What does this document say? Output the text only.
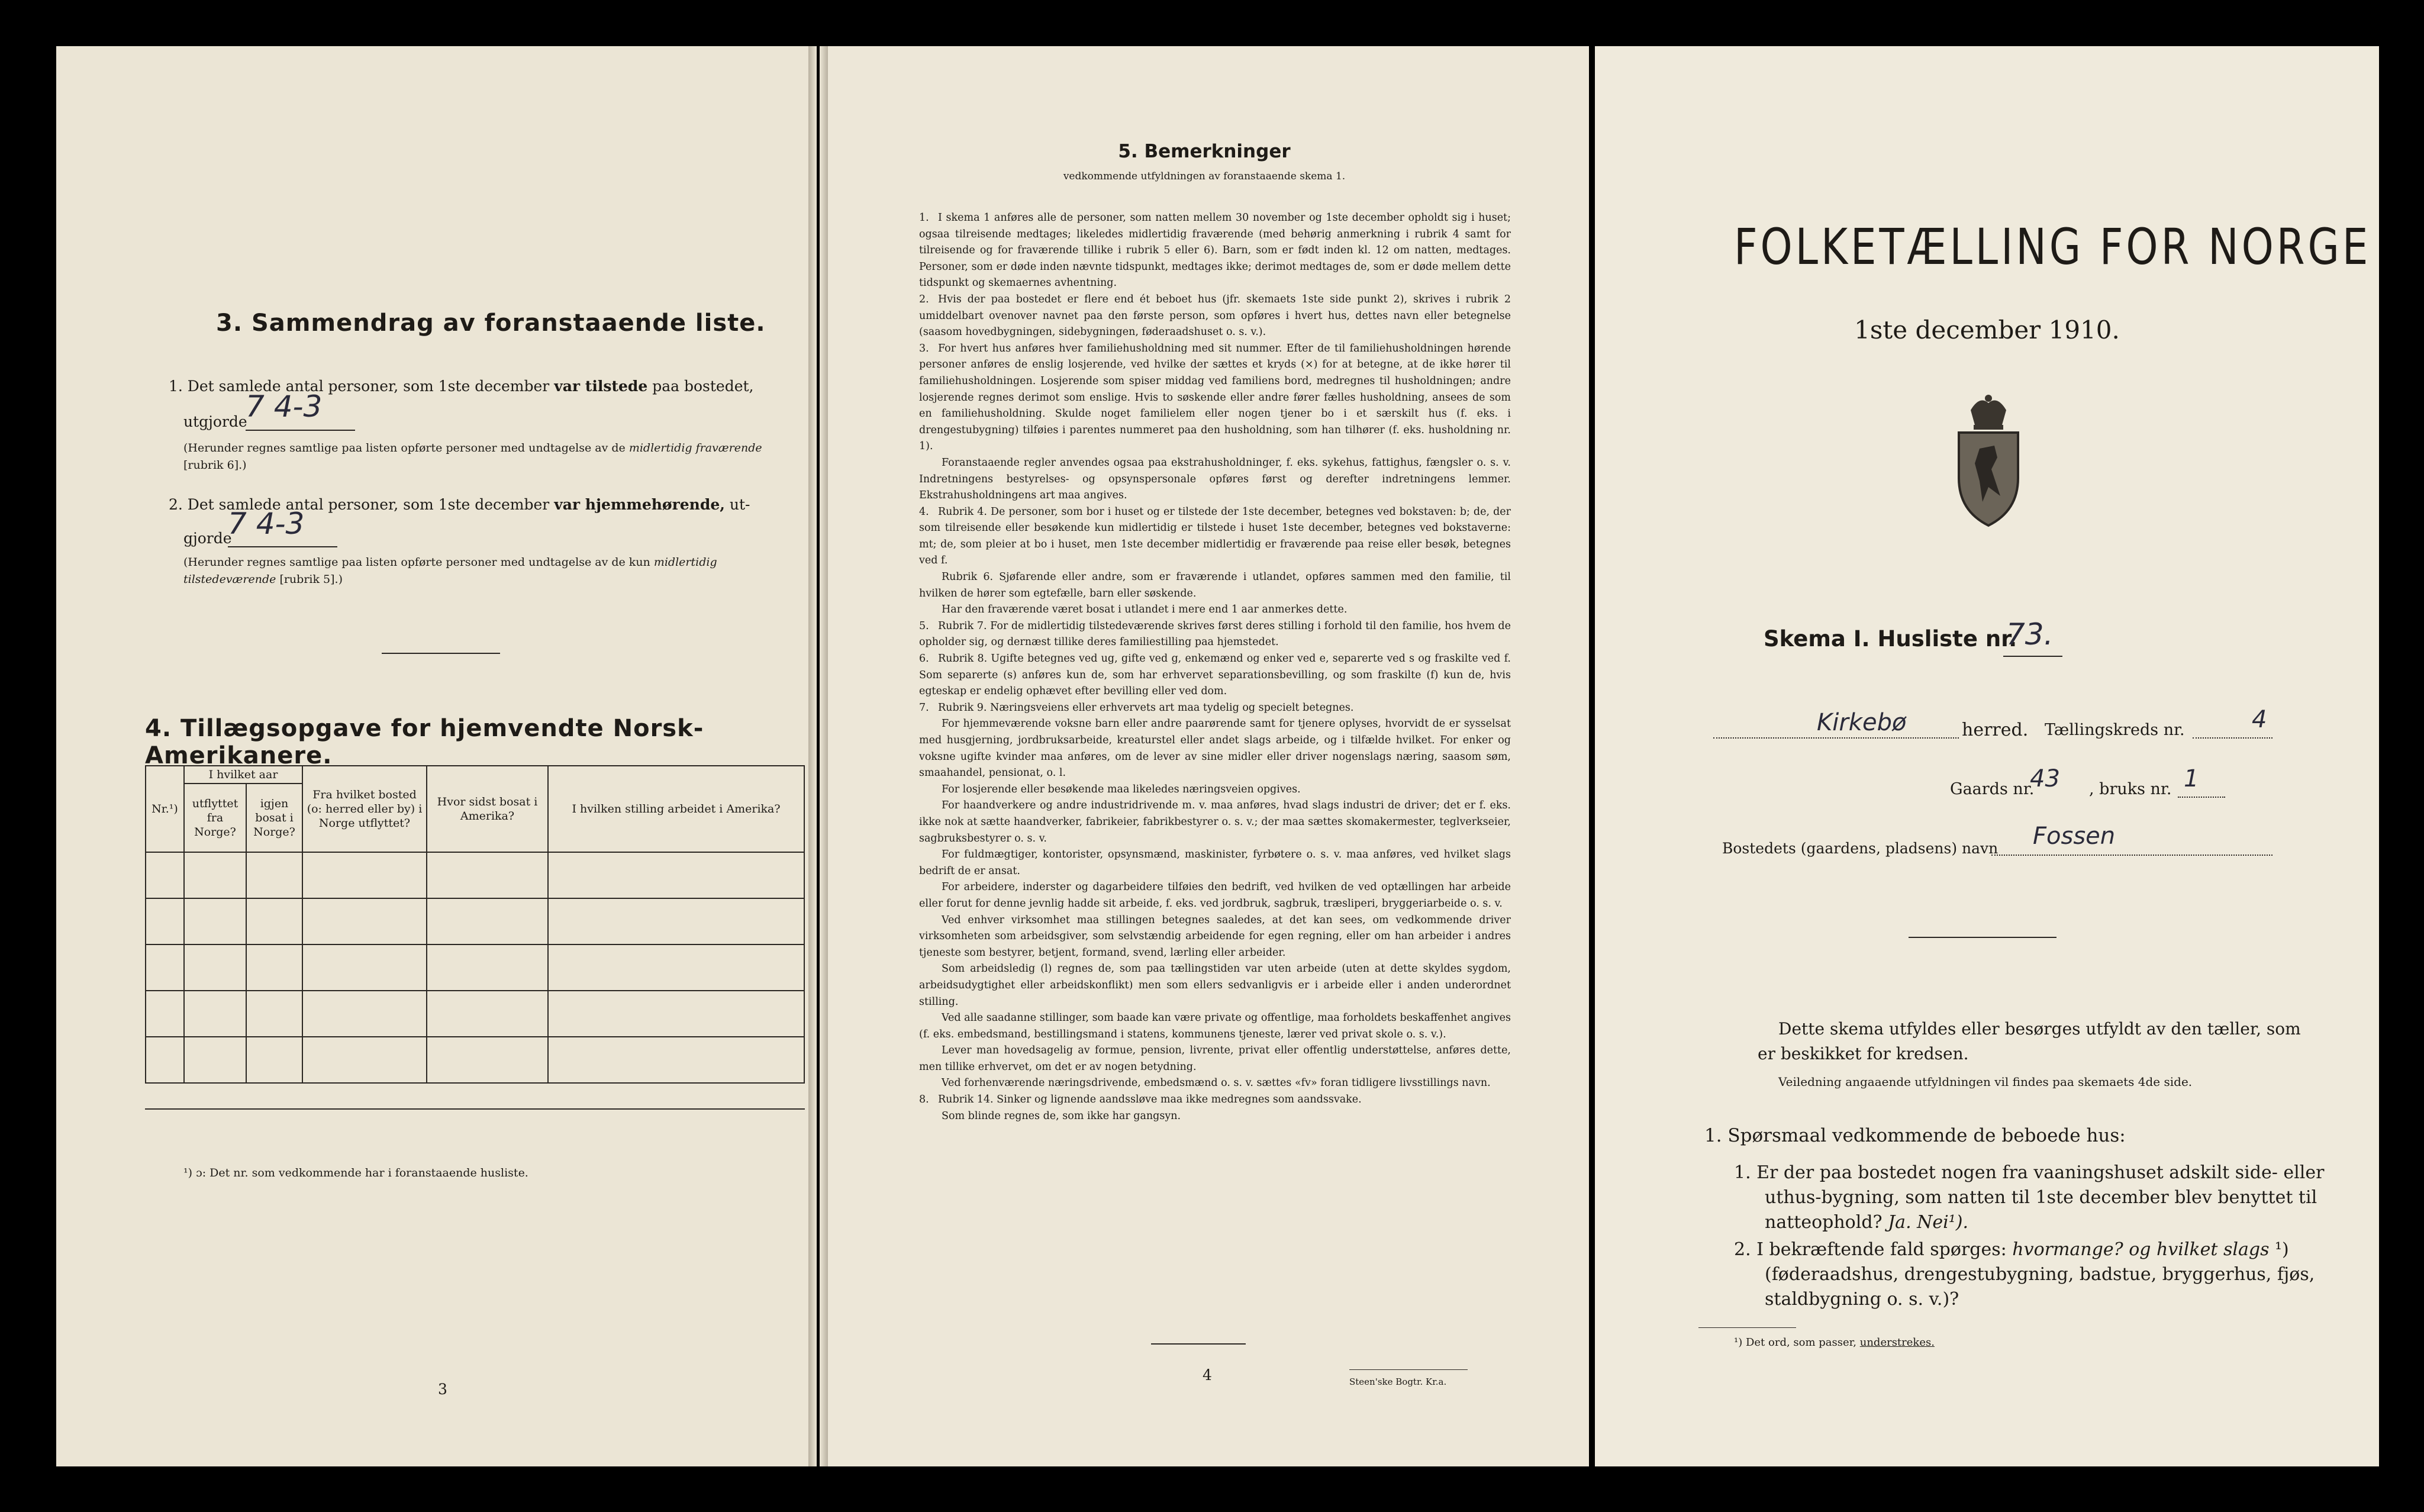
3. Sammendrag av foranstaaende liste.
1. Det samlede antal personer, som 1ste december var tilstede paa bostedet,
utgjorde
7 4-3
(Herunder regnes samtlige paa listen opførte personer med undtagelse av de midlertidig fraværende [rubrik 6].)
2. Det samlede antal personer, som 1ste december var hjemmehørende, ut-
gjorde
7 4-3
(Herunder regnes samtlige paa listen opførte personer med undtagelse av de kun midlertidig tilstedeværende [rubrik 5].)
4. Tillægsopgave for hjemvendte Norsk-Amerikanere.
Nr.¹)	I hvilket aar		Fra hvilket bosted (o: herred eller by) i Norge utflyttet?	Hvor sidst bosat i Amerika?	I hvilken stilling arbeidet i Amerika?
	utflyttet fra Norge?	igjen bosat i Norge?			

¹) ɔ: Det nr. som vedkommende har i foranstaaende husliste.
3
5. Bemerkninger
vedkommende utfyldningen av foranstaaende skema 1.

1. I skema 1 anføres alle de personer, som natten mellem 30 november og 1ste december opholdt sig i huset; ogsaa tilreisende medtages; likeledes midlertidig fraværende (med behørig anmerkning i rubrik 4 samt for tilreisende og for fraværende tillike i rubrik 5 eller 6). Barn, som er født inden kl. 12 om natten, medtages. Personer, som er døde inden nævnte tidspunkt, medtages ikke; derimot medtages de, som er døde mellem dette tidspunkt og skemaernes avhentning.

2. Hvis der paa bostedet er flere end ét beboet hus (jfr. skemaets 1ste side punkt 2), skrives i rubrik 2 umiddelbart ovenover navnet paa den første person, som opføres i hvert hus, dettes navn eller betegnelse (saasom hovedbygningen, sidebygningen, føderaadshuset o. s. v.).

3. For hvert hus anføres hver familiehusholdning med sit nummer. Efter de til familiehusholdningen hørende personer anføres de enslig losjerende, ved hvilke der sættes et kryds (×) for at betegne, at de ikke hører til familiehusholdningen. Losjerende som spiser middag ved familiens bord, medregnes til husholdningen; andre losjerende regnes derimot som enslige. Hvis to søskende eller andre fører fælles husholdning, ansees de som en familiehusholdning. Skulde noget familielem eller nogen tjener bo i et særskilt hus (f. eks. i drengestubygning) tilføies i parentes nummeret paa den husholdning, som han tilhører (f. eks. husholdning nr. 1).

Foranstaaende regler anvendes ogsaa paa ekstrahusholdninger, f. eks. sykehus, fattighus, fængsler o. s. v. Indretningens bestyrelses- og opsynspersonale opføres først og derefter indretningens lemmer. Ekstrahusholdningens art maa angives.

4. Rubrik 4. De personer, som bor i huset og er tilstede der 1ste december, betegnes ved bokstaven: b; de, der som tilreisende eller besøkende kun midlertidig er tilstede i huset 1ste december, betegnes ved bokstaverne: mt; de, som pleier at bo i huset, men 1ste december midlertidig er fraværende paa reise eller besøk, betegnes ved f.

Rubrik 6. Sjøfarende eller andre, som er fraværende i utlandet, opføres sammen med den familie, til hvilken de hører som egtefælle, barn eller søskende.

Har den fraværende været bosat i utlandet i mere end 1 aar anmerkes dette.

5. Rubrik 7. For de midlertidig tilstedeværende skrives først deres stilling i forhold til den familie, hos hvem de opholder sig, og dernæst tillike deres familiestilling paa hjemstedet.

6. Rubrik 8. Ugifte betegnes ved ug, gifte ved g, enkemænd og enker ved e, separerte ved s og fraskilte ved f. Som separerte (s) anføres kun de, som har erhvervet separationsbevilling, og som fraskilte (f) kun de, hvis egteskap er endelig ophævet efter bevilling eller ved dom.

7. Rubrik 9. Næringsveiens eller erhvervets art maa tydelig og specielt betegnes.

For hjemmeværende voksne barn eller andre paarørende samt for tjenere oplyses, hvorvidt de er sysselsat med husgjerning, jordbruksarbeide, kreaturstel eller andet slags arbeide, og i tilfælde hvilket. For enker og voksne ugifte kvinder maa anføres, om de lever av sine midler eller driver nogenslags næring, saasom søm, smaahandel, pensionat, o. l.

For losjerende eller besøkende maa likeledes næringsveien opgives.

For haandverkere og andre industridrivende m. v. maa anføres, hvad slags industri de driver; det er f. eks. ikke nok at sætte haandverker, fabrikeier, fabrikbestyrer o. s. v.; der maa sættes skomakermester, teglverkseier, sagbruksbestyrer o. s. v.

For fuldmægtiger, kontorister, opsynsmænd, maskinister, fyrbøtere o. s. v. maa anføres, ved hvilket slags bedrift de er ansat.

For arbeidere, inderster og dagarbeidere tilføies den bedrift, ved hvilken de ved optællingen har arbeide eller forut for denne jevnlig hadde sit arbeide, f. eks. ved jordbruk, sagbruk, træsliperi, bryggeriarbeide o. s. v.

Ved enhver virksomhet maa stillingen betegnes saaledes, at det kan sees, om vedkommende driver virksomheten som arbeidsgiver, som selvstændig arbeidende for egen regning, eller om han arbeider i andres tjeneste som bestyrer, betjent, formand, svend, lærling eller arbeider.

Som arbeidsledig (l) regnes de, som paa tællingstiden var uten arbeide (uten at dette skyldes sygdom, arbeidsudygtighet eller arbeidskonflikt) men som ellers sedvanligvis er i arbeide eller i anden underordnet stilling.

Ved alle saadanne stillinger, som baade kan være private og offentlige, maa forholdets beskaffenhet angives (f. eks. embedsmand, bestillingsmand i statens, kommunens tjeneste, lærer ved privat skole o. s. v.).

Lever man hovedsagelig av formue, pension, livrente, privat eller offentlig understøttelse, anføres dette, men tillike erhvervet, om det er av nogen betydning.

Ved forhenværende næringsdrivende, embedsmænd o. s. v. sættes «fv» foran tidligere livsstillings navn.

8. Rubrik 14. Sinker og lignende aandssløve maa ikke medregnes som aandssvake.

Som blinde regnes de, som ikke har gangsyn.

4	Steen'ske Bogtr. Kr.a.
FOLKETÆLLING FOR NORGE
1ste december 1910.
Skema I. Husliste nr.
73.
Kirkebø	herred. Tællingskreds nr.	4
Gaards nr.
43 , bruks nr. 1
Bostedets (gaardens, pladsens) navn Fossen
Dette skema utfyldes eller besørges utfyldt av den tæller, som er beskikket for kredsen.
Veiledning angaaende utfyldningen vil findes paa skemaets 4de side.
1. Spørsmaal vedkommende de beboede hus:
1. Er der paa bostedet nogen fra vaaningshuset adskilt side- eller uthus-bygning, som natten til 1ste december blev benyttet til natteophold? Ja. Nei¹).
2. I bekræftende fald spørges: hvormange? og hvilket slags ¹) (føderaadshus, drengestubygning, badstue, bryggerhus, fjøs, staldbygning o. s. v.)?
¹) Det ord, som passer, understrekes.
